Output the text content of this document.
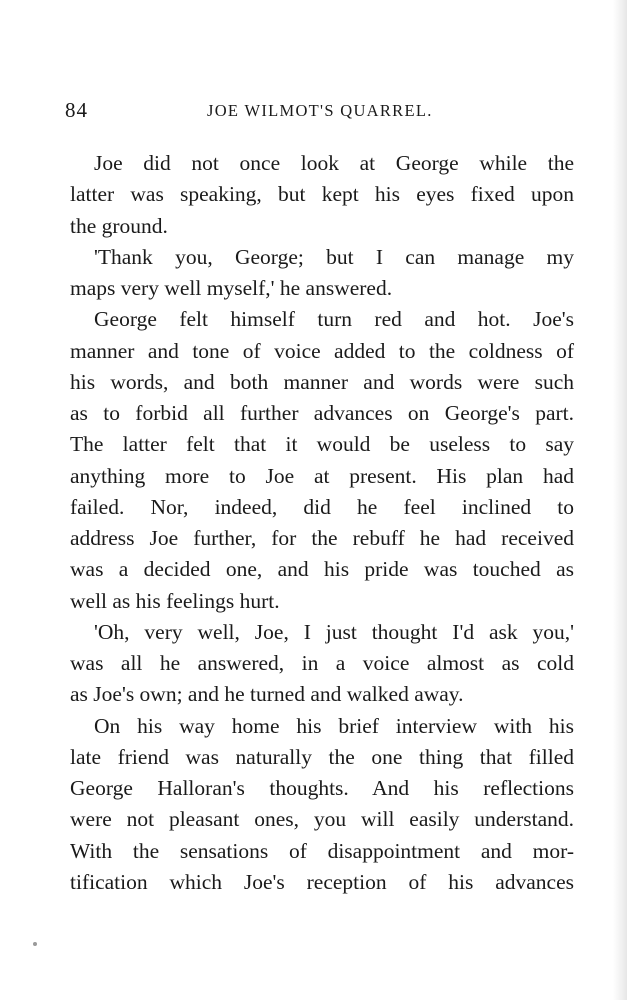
84	JOE WILMOT'S QUARREL.
Joe did not once look at George while the
latter was speaking, but kept his eyes fixed upon
the ground.
'Thank you, George; but I can manage my
maps very well myself,' he answered.
George felt himself turn red and hot. Joe's
manner and tone of voice added to the coldness of
his words, and both manner and words were such
as to forbid all further advances on George's part.
The latter felt that it would be useless to say
anything more to Joe at present. His plan had
failed. Nor, indeed, did he feel inclined to
address Joe further, for the rebuff he had received
was a decided one, and his pride was touched as
well as his feelings hurt.
'Oh, very well, Joe, I just thought I'd ask you,'
was all he answered, in a voice almost as cold
as Joe's own; and he turned and walked away.
On his way home his brief interview with his
late friend was naturally the one thing that filled
George Halloran's thoughts. And his reflections
were not pleasant ones, you will easily understand.
With the sensations of disappointment and mor-
tification which Joe's reception of his advances
